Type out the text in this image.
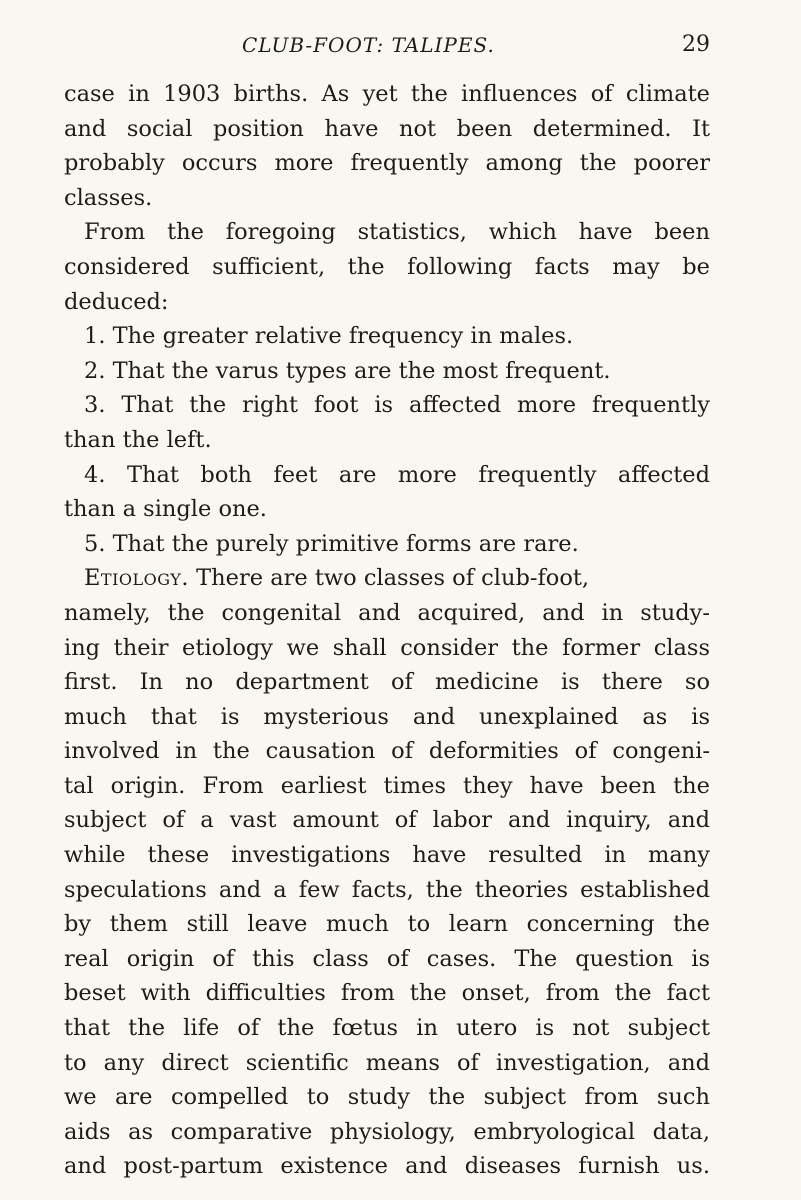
CLUB-FOOT: TALIPES.	29
case in 1903 births. As yet the influences of climate
and social position have not been determined. It
probably occurs more frequently among the poorer
classes.
From the foregoing statistics, which have been
considered sufficient, the following facts may be
deduced:
1. The greater relative frequency in males.
2. That the varus types are the most frequent.
3. That the right foot is affected more frequently
than the left.
4. That both feet are more frequently affected
than a single one.
5. That the purely primitive forms are rare.
Etiology. There are two classes of club-foot,
namely, the congenital and acquired, and in study-
ing their etiology we shall consider the former class
first. In no department of medicine is there so
much that is mysterious and unexplained as is
involved in the causation of deformities of congeni-
tal origin. From earliest times they have been the
subject of a vast amount of labor and inquiry, and
while these investigations have resulted in many
speculations and a few facts, the theories established
by them still leave much to learn concerning the
real origin of this class of cases. The question is
beset with difficulties from the onset, from the fact
that the life of the fœtus in utero is not subject
to any direct scientific means of investigation, and
we are compelled to study the subject from such
aids as comparative physiology, embryological data,
and post-partum existence and diseases furnish us.
